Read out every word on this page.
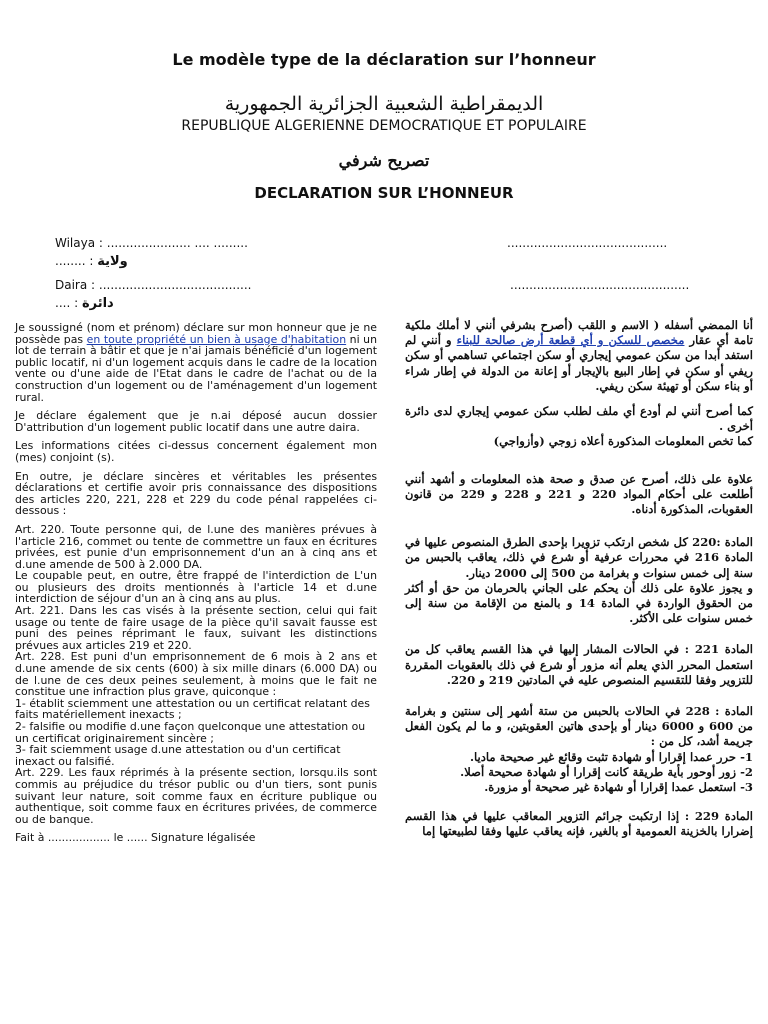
Le modèle type de la déclaration sur l’honneur
الديمقراطية الشعبية الجزائرية الجمهورية
REPUBLIQUE ALGERIENNE DEMOCRATIQUE ET POPULAIRE
تصريح شرفي
DECLARATION SUR L’HONNEUR
Wilaya : ...................... .... .........	..........................................
........ : ولاية
Daira : ........................................	...............................................
.... : دائرة

Je soussigné (nom et prénom) déclare sur mon honneur que je ne possède pas en toute propriété un bien à usage d'habitation ni un lot de terrain à bâtir et que je n'ai jamais bénéficié d'un logement public locatif, ni d'un logement acquis dans le cadre de la location vente ou d'une aide de l'Etat dans le cadre de l'achat ou de la construction d'un logement ou de l'aménagement d'un logement rural.

Je déclare également que je n.ai déposé aucun dossier D'attribution d'un logement public locatif dans une autre daira.

Les informations citées ci-dessus concernent également mon (mes) conjoint (s).

En outre, je déclare sincères et véritables les présentes déclarations et certifie avoir pris connaissance des dispositions des articles 220, 221, 228 et 229 du code pénal rappelées ci-dessous :

Art. 220. Toute personne qui, de l.une des manières prévues à l'article 216, commet ou tente de commettre un faux en écritures privées, est punie d'un emprisonnement d'un an à cinq ans et d.une amende de 500 à 2.000 DA.

Le coupable peut, en outre, être frappé de l'interdiction de L'un ou plusieurs des droits mentionnés à l'article 14 et d.une interdiction de séjour d'un an à cinq ans au plus.

Art. 221. Dans les cas visés à la présente section, celui qui fait usage ou tente de faire usage de la pièce qu'il savait fausse est puni des peines réprimant le faux, suivant les distinctions prévues aux articles 219 et 220.

Art. 228. Est puni d'un emprisonnement de 6 mois à 2 ans et d.une amende de six cents (600) à six mille dinars (6.000 DA) ou de l.une de ces deux peines seulement, à moins que le fait ne constitue une infraction plus grave, quiconque :

1- établit sciemment une attestation ou un certificat relatant des faits matériellement inexacts ;

2- falsifie ou modifie d.une façon quelconque une attestation ou un certificat originairement sincère ;

3- fait sciemment usage d.une attestation ou d'un certificat inexact ou falsifié.

Art. 229. Les faux réprimés à la présente section, lorsqu.ils sont commis au préjudice du trésor public ou d'un tiers, sont punis suivant leur nature, soit comme faux en écriture publique ou authentique, soit comme faux en écritures privées, de commerce ou de banque.

Fait à .................. le ...... Signature légalisée

أنا الممضي أسفله ( الاسم و اللقب (أصرح بشرفي أنني لا أملك ملكية تامة أي عقار مخصص للسكن و أي قطعة أرض صالحة للبناء و أنني لم استفد أبدا من سكن عمومي إيجاري أو سكن اجتماعي تساهمي أو سكن ريفي أو سكن في إطار البيع بالإيجار أو إعانة من الدولة في إطار شراء أو بناء سكن أو تهيئة سكن ريفي.

كما أصرح أنني لم أودع أي ملف لطلب سكن عمومي إيجاري لدى دائرة أخرى .

كما تخص المعلومات المذكورة أعلاه زوجي (وأزواجي)

علاوة على ذلك، أصرح عن صدق و صحة هذه المعلومات و أشهد أنني أطلعت على أحكام المواد 220 و 221 و 228 و 229 من قانون العقوبات، المذكورة أدناه.

المادة :220 كل شخص ارتكب تزويرا بإحدى الطرق المنصوص عليها في المادة 216 في محررات عرفية أو شرع في ذلك، يعاقب بالحبس من سنة إلى خمس سنوات و بغرامة من 500 إلى 2000 دينار.

و يجوز علاوة على ذلك أن يحكم على الجاني بالحرمان من حق أو أكثر من الحقوق الواردة في المادة 14 و بالمنع من الإقامة من سنة إلى خمس سنوات على الأكثر.

المادة 221 : في الحالات المشار إليها في هذا القسم يعاقب كل من استعمل المحرر الذي يعلم أنه مزور أو شرع في ذلك بالعقوبات المقررة للتزوير وفقا للتقسيم المنصوص عليه في المادتين 219 و 220.

المادة : 228 في الحالات بالحبس من ستة أشهر إلى سنتين و بغرامة من 600 و 6000 دينار أو بإحدى هاتين العقوبتين، و ما لم يكون الفعل جريمة أشد، كل من :

1- حرر عمدا إقرارا أو شهادة تثبت وقائع غير صحيحة ماديا.

2- زور أوحور بأية طريقة كانت إقرارا أو شهادة صحيحة أصلا.

3- استعمل عمدا إقرارا أو شهادة غير صحيحة أو مزورة.

المادة 229 : إذا ارتكبت جرائم التزوير المعاقب عليها في هذا القسم إضرارا بالخزينة العمومية أو بالغير، فإنه يعاقب عليها وفقا لطبيعتها إما
